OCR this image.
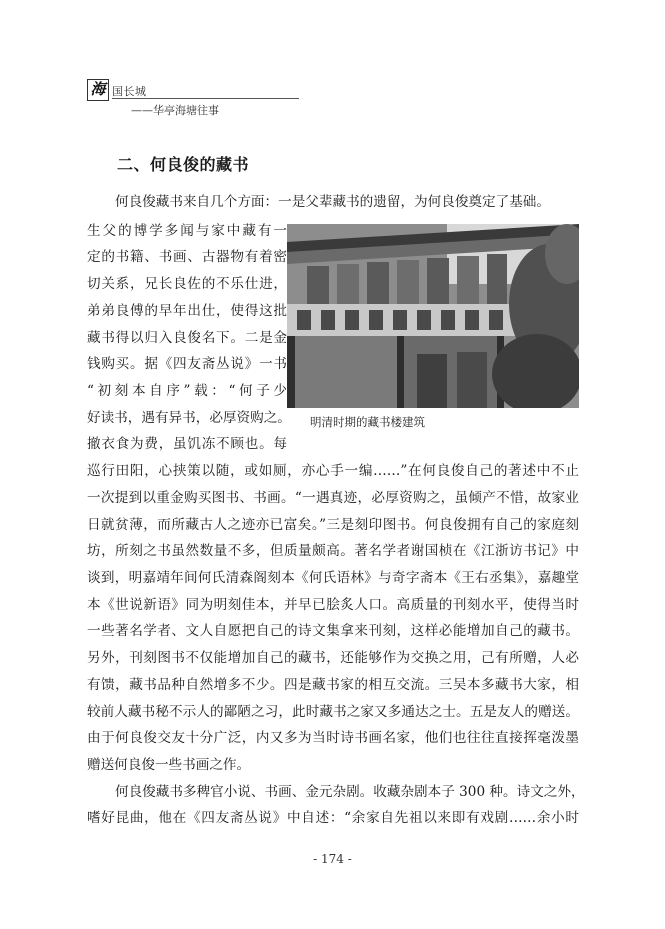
海 国长城
——华亭海塘往事
二、何良俊的藏书
何良俊藏书来自几个方面：一是父辈藏书的遗留，为何良俊奠定了基础。
生父的博学多闻与家中藏有一
定的书籍、书画、古器物有着密
切关系，兄长良佐的不乐仕进，
弟弟良傅的早年出仕，使得这批
藏书得以归入良俊名下。二是金
钱购买。据《四友斋丛说》一书
“初刻本自序”载：“何子少
好读书，遇有异书，必厚资购之。
撤衣食为费，虽饥冻不顾也。每
巡行田阳，心挟策以随，或如厕，亦心手一编……”在何良俊自己的著述中不止
一次提到以重金购买图书、书画。“一遇真迹，必厚资购之，虽倾产不惜，故家业
日就贫薄，而所藏古人之迹亦已富矣。”三是刻印图书。何良俊拥有自己的家庭刻
坊，所刻之书虽然数量不多，但质量颇高。著名学者谢国桢在《江浙访书记》中
谈到，明嘉靖年间何氏清森阁刻本《何氏语林》与奇字斋本《王右丞集》，嘉趣堂
本《世说新语》同为明刻佳本，并早已脍炙人口。高质量的刊刻水平，使得当时
一些著名学者、文人自愿把自己的诗文集拿来刊刻，这样必能增加自己的藏书。
另外，刊刻图书不仅能增加自己的藏书，还能够作为交换之用，己有所赠，人必
有馈，藏书品种自然增多不少。四是藏书家的相互交流。三吴本多藏书大家，相
较前人藏书秘不示人的鄙陋之习，此时藏书之家又多通达之士。五是友人的赠送。
由于何良俊交友十分广泛，内又多为当时诗书画名家，他们也往往直接挥毫泼墨
赠送何良俊一些书画之作。
何良俊藏书多稗官小说、书画、金元杂剧。收藏杂剧本子 300 种。诗文之外，
嗜好昆曲，他在《四友斋丛说》中自述：“余家自先祖以来即有戏剧……余小时
明清时期的藏书楼建筑
- 174 -
